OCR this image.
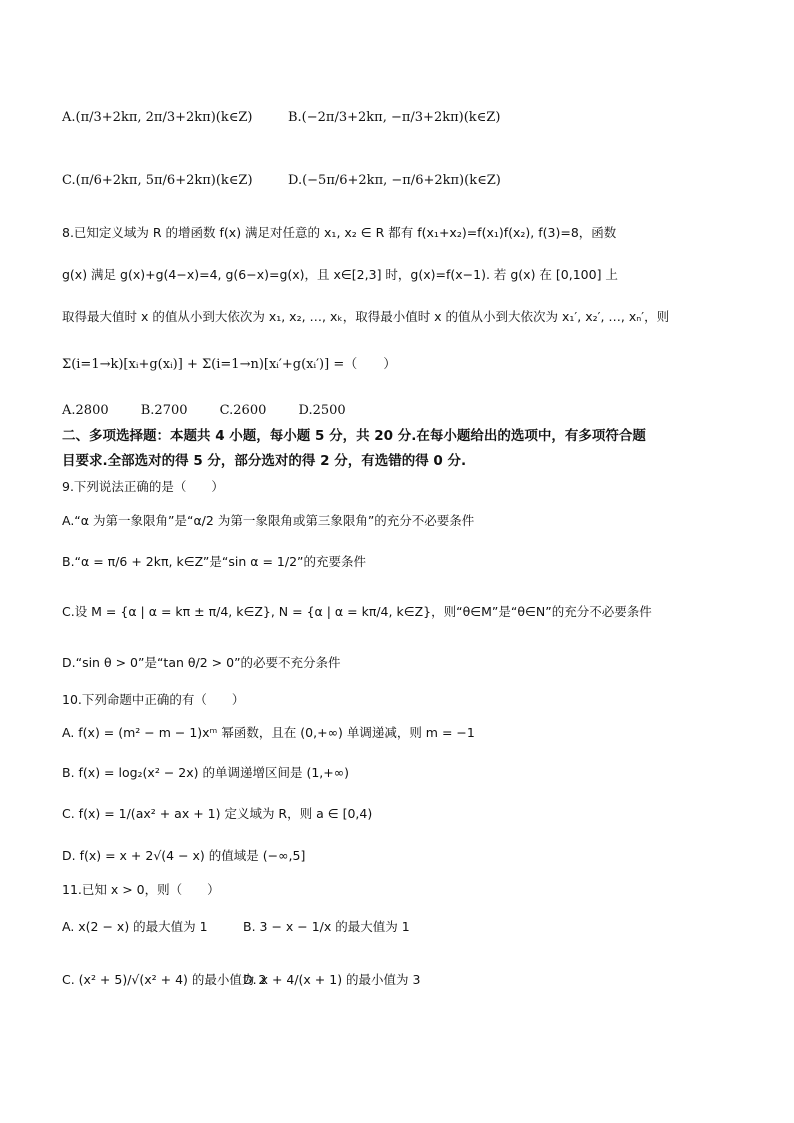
A.(π/3+2kπ, 2π/3+2kπ)(k∈Z)	B.(−2π/3+2kπ, −π/3+2kπ)(k∈Z)
C.(π/6+2kπ, 5π/6+2kπ)(k∈Z)	D.(−5π/6+2kπ, −π/6+2kπ)(k∈Z)
8.已知定义域为 R 的增函数 f(x) 满足对任意的 x₁, x₂ ∈ R 都有 f(x₁+x₂)=f(x₁)f(x₂), f(3)=8，函数
g(x) 满足 g(x)+g(4−x)=4, g(6−x)=g(x)，且 x∈[2,3] 时，g(x)=f(x−1). 若 g(x) 在 [0,100] 上
取得最大值时 x 的值从小到大依次为 x₁, x₂, …, xₖ，取得最小值时 x 的值从小到大依次为 x₁′, x₂′, …, xₙ′，则
Σ(i=1→k)[xᵢ+g(xᵢ)] + Σ(i=1→n)[xᵢ′+g(xᵢ′)] =（　　）
A.2800 B.2700 C.2600 D.2500
二、多项选择题：本题共 4 小题，每小题 5 分，共 20 分.在每小题给出的选项中，有多项符合题
目要求.全部选对的得 5 分，部分选对的得 2 分，有选错的得 0 分.
9.下列说法正确的是（　　）
A.“α 为第一象限角”是“α/2 为第一象限角或第三象限角”的充分不必要条件
B.“α = π/6 + 2kπ, k∈Z”是“sin α = 1/2”的充要条件
C.设 M = {α | α = kπ ± π/4, k∈Z}, N = {α | α = kπ/4, k∈Z}，则“θ∈M”是“θ∈N”的充分不必要条件
D.“sin θ > 0”是“tan θ/2 > 0”的必要不充分条件
10.下列命题中正确的有（　　）
A. f(x) = (m² − m − 1)xᵐ 幂函数，且在 (0,+∞) 单调递减，则 m = −1
B. f(x) = log₂(x² − 2x) 的单调递增区间是 (1,+∞)
C. f(x) = 1/(ax² + ax + 1) 定义域为 R，则 a ∈ [0,4)
D. f(x) = x + 2√(4 − x) 的值域是 (−∞,5]
11.已知 x > 0，则（　　）
A. x(2 − x) 的最大值为 1	B. 3 − x − 1/x 的最大值为 1
C. (x² + 5)/√(x² + 4) 的最小值为 2
D. x + 4/(x + 1) 的最小值为 3
